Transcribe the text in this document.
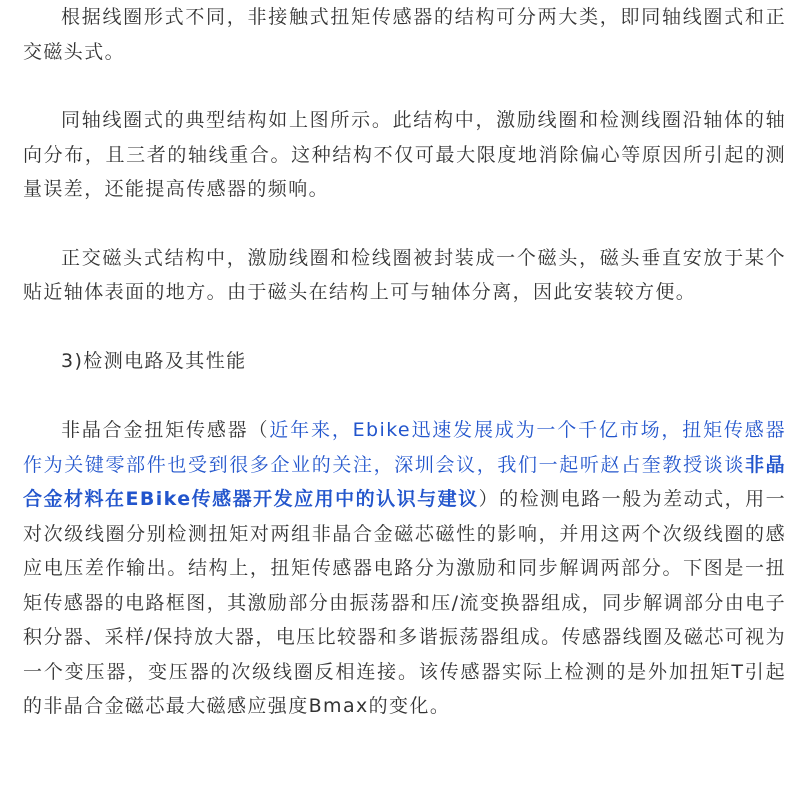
根据线圈形式不同，非接触式扭矩传感器的结构可分两大类，即同轴线圈式和正交磁头式。

同轴线圈式的典型结构如上图所示。此结构中，激励线圈和检测线圈沿轴体的轴向分布，且三者的轴线重合。这种结构不仅可最大限度地消除偏心等原因所引起的测量误差，还能提高传感器的频响。

正交磁头式结构中，激励线圈和检线圈被封装成一个磁头，磁头垂直安放于某个贴近轴体表面的地方。由于磁头在结构上可与轴体分离，因此安装较方便。

3)检测电路及其性能

非晶合金扭矩传感器（近年来，Ebike迅速发展成为一个千亿市场，扭矩传感器作为关键零部件也受到很多企业的关注，深圳会议，我们一起听赵占奎教授谈谈非晶合金材料在EBike传感器开发应用中的认识与建议）的检测电路一般为差动式，用一对次级线圈分别检测扭矩对两组非晶合金磁芯磁性的影响，并用这两个次级线圈的感应电压差作输出。结构上，扭矩传感器电路分为激励和同步解调两部分。下图是一扭矩传感器的电路框图，其激励部分由振荡器和压/流变换器组成，同步解调部分由电子积分器、采样/保持放大器，电压比较器和多谐振荡器组成。传感器线圈及磁芯可视为一个变压器，变压器的次级线圈反相连接。该传感器实际上检测的是外加扭矩T引起的非晶合金磁芯最大磁感应强度Bmax的变化。
